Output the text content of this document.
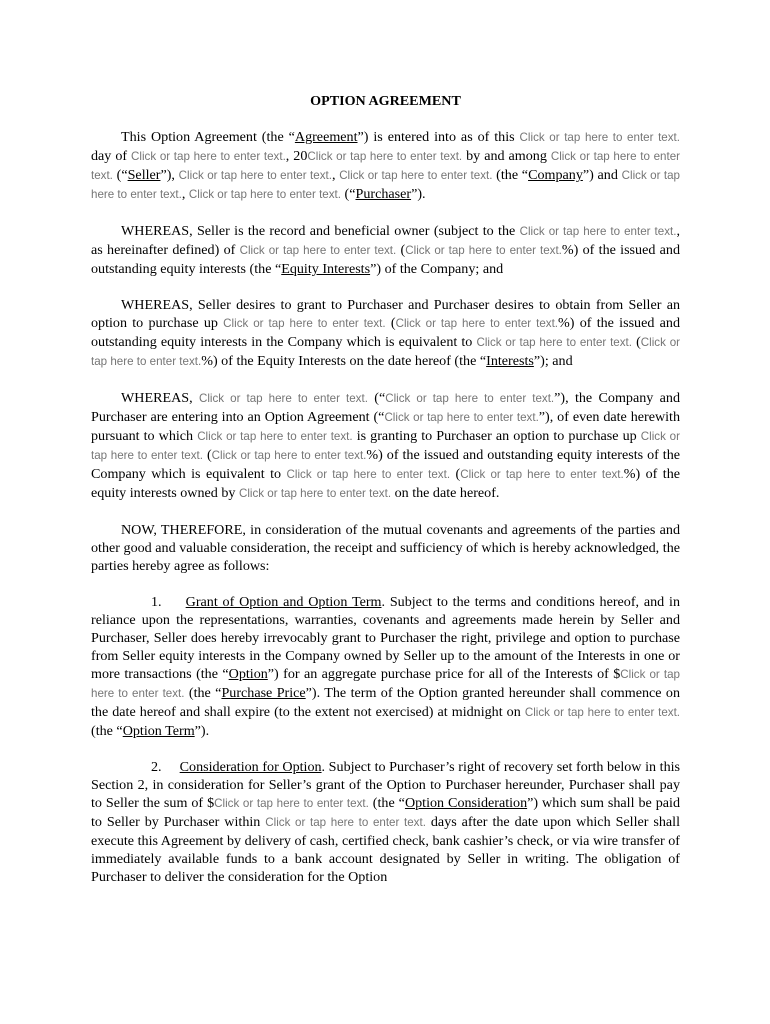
OPTION AGREEMENT

This Option Agreement (the “Agreement”) is entered into as of this Click or tap here to enter text. day of Click or tap here to enter text., 20Click or tap here to enter text. by and among Click or tap here to enter text. (“Seller”), Click or tap here to enter text., Click or tap here to enter text. (the “Company”) and Click or tap here to enter text., Click or tap here to enter text. (“Purchaser”).

WHEREAS, Seller is the record and beneficial owner (subject to the Click or tap here to enter text., as hereinafter defined) of Click or tap here to enter text. (Click or tap here to enter text.%) of the issued and outstanding equity interests (the “Equity Interests”) of the Company; and

WHEREAS, Seller desires to grant to Purchaser and Purchaser desires to obtain from Seller an option to purchase up Click or tap here to enter text. (Click or tap here to enter text.%) of the issued and outstanding equity interests in the Company which is equivalent to Click or tap here to enter text. (Click or tap here to enter text.%) of the Equity Interests on the date hereof (the “Interests”); and

WHEREAS, Click or tap here to enter text. (“Click or tap here to enter text.”), the Company and Purchaser are entering into an Option Agreement (“Click or tap here to enter text.”), of even date herewith pursuant to which Click or tap here to enter text. is granting to Purchaser an option to purchase up Click or tap here to enter text. (Click or tap here to enter text.%) of the issued and outstanding equity interests of the Company which is equivalent to Click or tap here to enter text. (Click or tap here to enter text.%) of the equity interests owned by Click or tap here to enter text. on the date hereof.

NOW, THEREFORE, in consideration of the mutual covenants and agreements of the parties and other good and valuable consideration, the receipt and sufficiency of which is hereby acknowledged, the parties hereby agree as follows:

1. Grant of Option and Option Term. Subject to the terms and conditions hereof, and in reliance upon the representations, warranties, covenants and agreements made herein by Seller and Purchaser, Seller does hereby irrevocably grant to Purchaser the right, privilege and option to purchase from Seller equity interests in the Company owned by Seller up to the amount of the Interests in one or more transactions (the “Option”) for an aggregate purchase price for all of the Interests of $Click or tap here to enter text. (the “Purchase Price”). The term of the Option granted hereunder shall commence on the date hereof and shall expire (to the extent not exercised) at midnight on Click or tap here to enter text. (the “Option Term”).

2. Consideration for Option. Subject to Purchaser’s right of recovery set forth below in this Section 2, in consideration for Seller’s grant of the Option to Purchaser hereunder, Purchaser shall pay to Seller the sum of $Click or tap here to enter text. (the “Option Consideration”) which sum shall be paid to Seller by Purchaser within Click or tap here to enter text. days after the date upon which Seller shall execute this Agreement by delivery of cash, certified check, bank cashier’s check, or via wire transfer of immediately available funds to a bank account designated by Seller in writing. The obligation of Purchaser to deliver the consideration for the Option
